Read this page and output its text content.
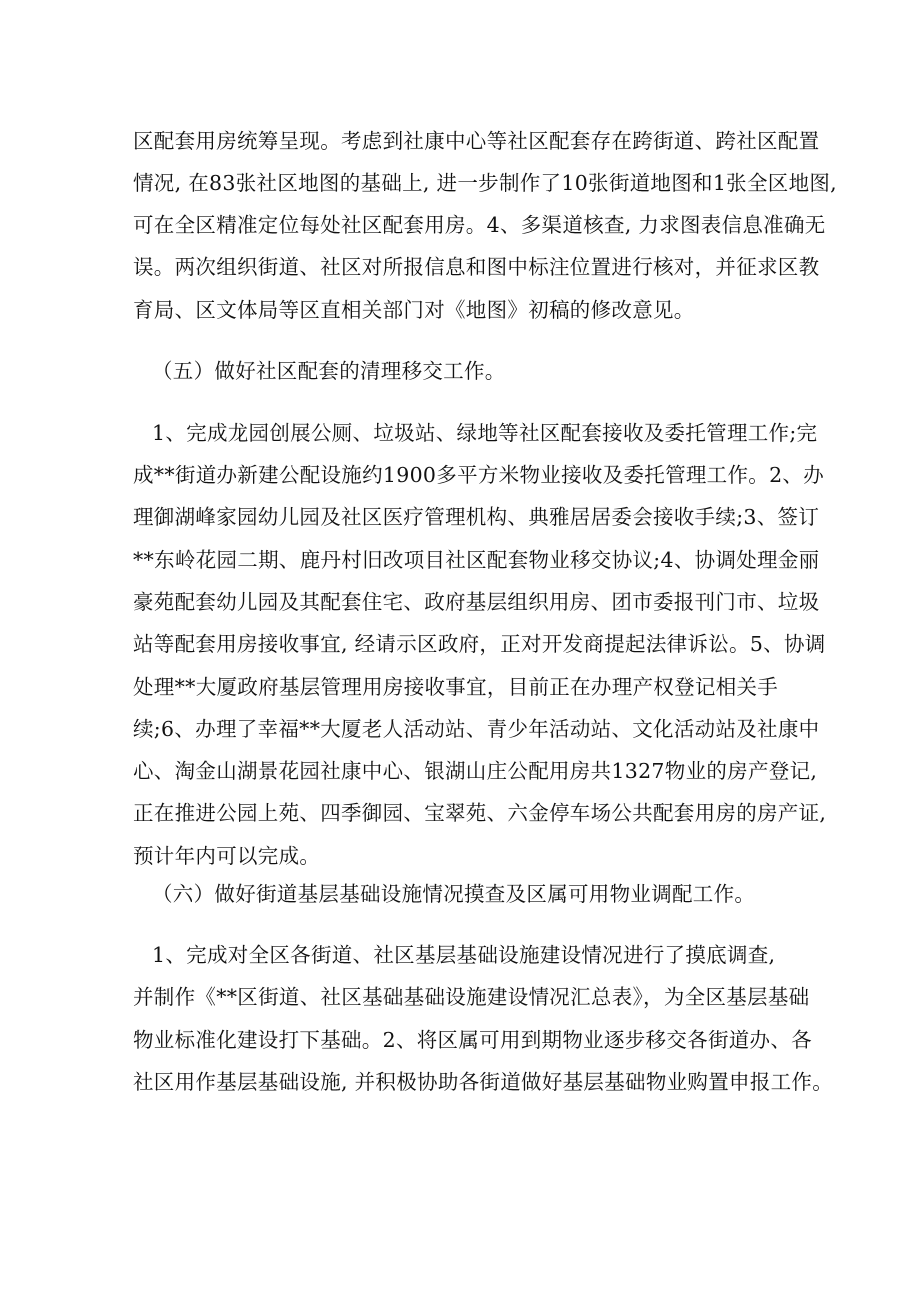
区配套用房统筹呈现。考虑到社康中心等社区配套存在跨街道、跨社区配置
情况, 在83张社区地图的基础上, 进一步制作了10张街道地图和1张全区地图,
可在全区精准定位每处社区配套用房。4、多渠道核查, 力求图表信息准确无
误。两次组织街道、社区对所报信息和图中标注位置进行核对，并征求区教
育局、区文体局等区直相关部门对《地图》初稿的修改意见。
（五）做好社区配套的清理移交工作。
1、完成龙园创展公厕、垃圾站、绿地等社区配套接收及委托管理工作;完
成**街道办新建公配设施约1900多平方米物业接收及委托管理工作。2、办
理御湖峰家园幼儿园及社区医疗管理机构、典雅居居委会接收手续;3、签订
**东岭花园二期、鹿丹村旧改项目社区配套物业移交协议;4、协调处理金丽
豪苑配套幼儿园及其配套住宅、政府基层组织用房、团市委报刊门市、垃圾
站等配套用房接收事宜, 经请示区政府，正对开发商提起法律诉讼。5、协调
处理**大厦政府基层管理用房接收事宜，目前正在办理产权登记相关手
续;6、办理了幸福**大厦老人活动站、青少年活动站、文化活动站及社康中
心、淘金山湖景花园社康中心、银湖山庄公配用房共1327物业的房产登记,
正在推进公园上苑、四季御园、宝翠苑、六金停车场公共配套用房的房产证,
预计年内可以完成。
（六）做好街道基层基础设施情况摸查及区属可用物业调配工作。
1、完成对全区各街道、社区基层基础设施建设情况进行了摸底调查,
并制作《**区街道、社区基础基础设施建设情况汇总表》，为全区基层基础
物业标准化建设打下基础。2、将区属可用到期物业逐步移交各街道办、各
社区用作基层基础设施, 并积极协助各街道做好基层基础物业购置申报工作。
